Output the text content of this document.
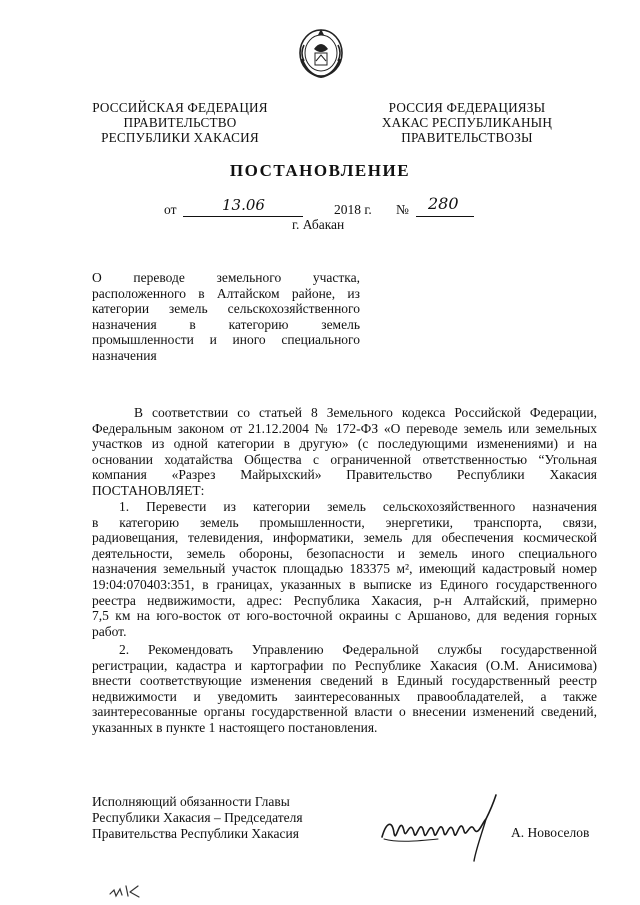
РОССИЙСКАЯ ФЕДЕРАЦИЯ
ПРАВИТЕЛЬСТВО
РЕСПУБЛИКИ ХАКАСИЯ
РОССИЯ ФЕДЕРАЦИЯЗЫ
ХАКАС РЕСПУБЛИКАНЫҢ
ПРАВИТЕЛЬСТВОЗЫ
ПОСТАНОВЛЕНИЕ
от	13.06	2018 г. № 280
г. Абакан
О переводе земельного участка,
расположенного в Алтайском районе, из
категории земель сельскохозяйственного
назначения в категорию земель
промышленности и иного специального
назначения
В соответствии со статьей 8 Земельного кодекса Российской Федерации,
Федеральным законом от 21.12.2004 № 172-ФЗ «О переводе земель или земельных
участков из одной категории в другую» (с последующими изменениями) и на
основании ходатайства Общества с ограниченной ответственностью “Угольная
компания «Разрез Майрыхский» Правительство Республики Хакасия
ПОСТАНОВЛЯЕТ:
1. Перевести из категории земель сельскохозяйственного назначения
в категорию земель промышленности, энергетики, транспорта, связи,
радиовещания, телевидения, информатики, земель для обеспечения космической
деятельности, земель обороны, безопасности и земель иного специального
назначения земельный участок площадью 183375 м², имеющий кадастровый номер
19:04:070403:351, в границах, указанных в выписке из Единого государственного
реестра недвижимости, адрес: Республика Хакасия, р-н Алтайский, примерно
7,5 км на юго-восток от юго-восточной окраины с Аршаново, для ведения горных
работ.
2. Рекомендовать Управлению Федеральной службы государственной
регистрации, кадастра и картографии по Республике Хакасия (О.М. Анисимова)
внести соответствующие изменения сведений в Единый государственный реестр
недвижимости и уведомить заинтересованных правообладателей, а также
заинтересованные органы государственной власти о внесении изменений сведений,
указанных в пункте 1 настоящего постановления.
Исполняющий обязанности Главы
Республики Хакасия – Председателя
Правительства Республики Хакасия	А. Новоселов
